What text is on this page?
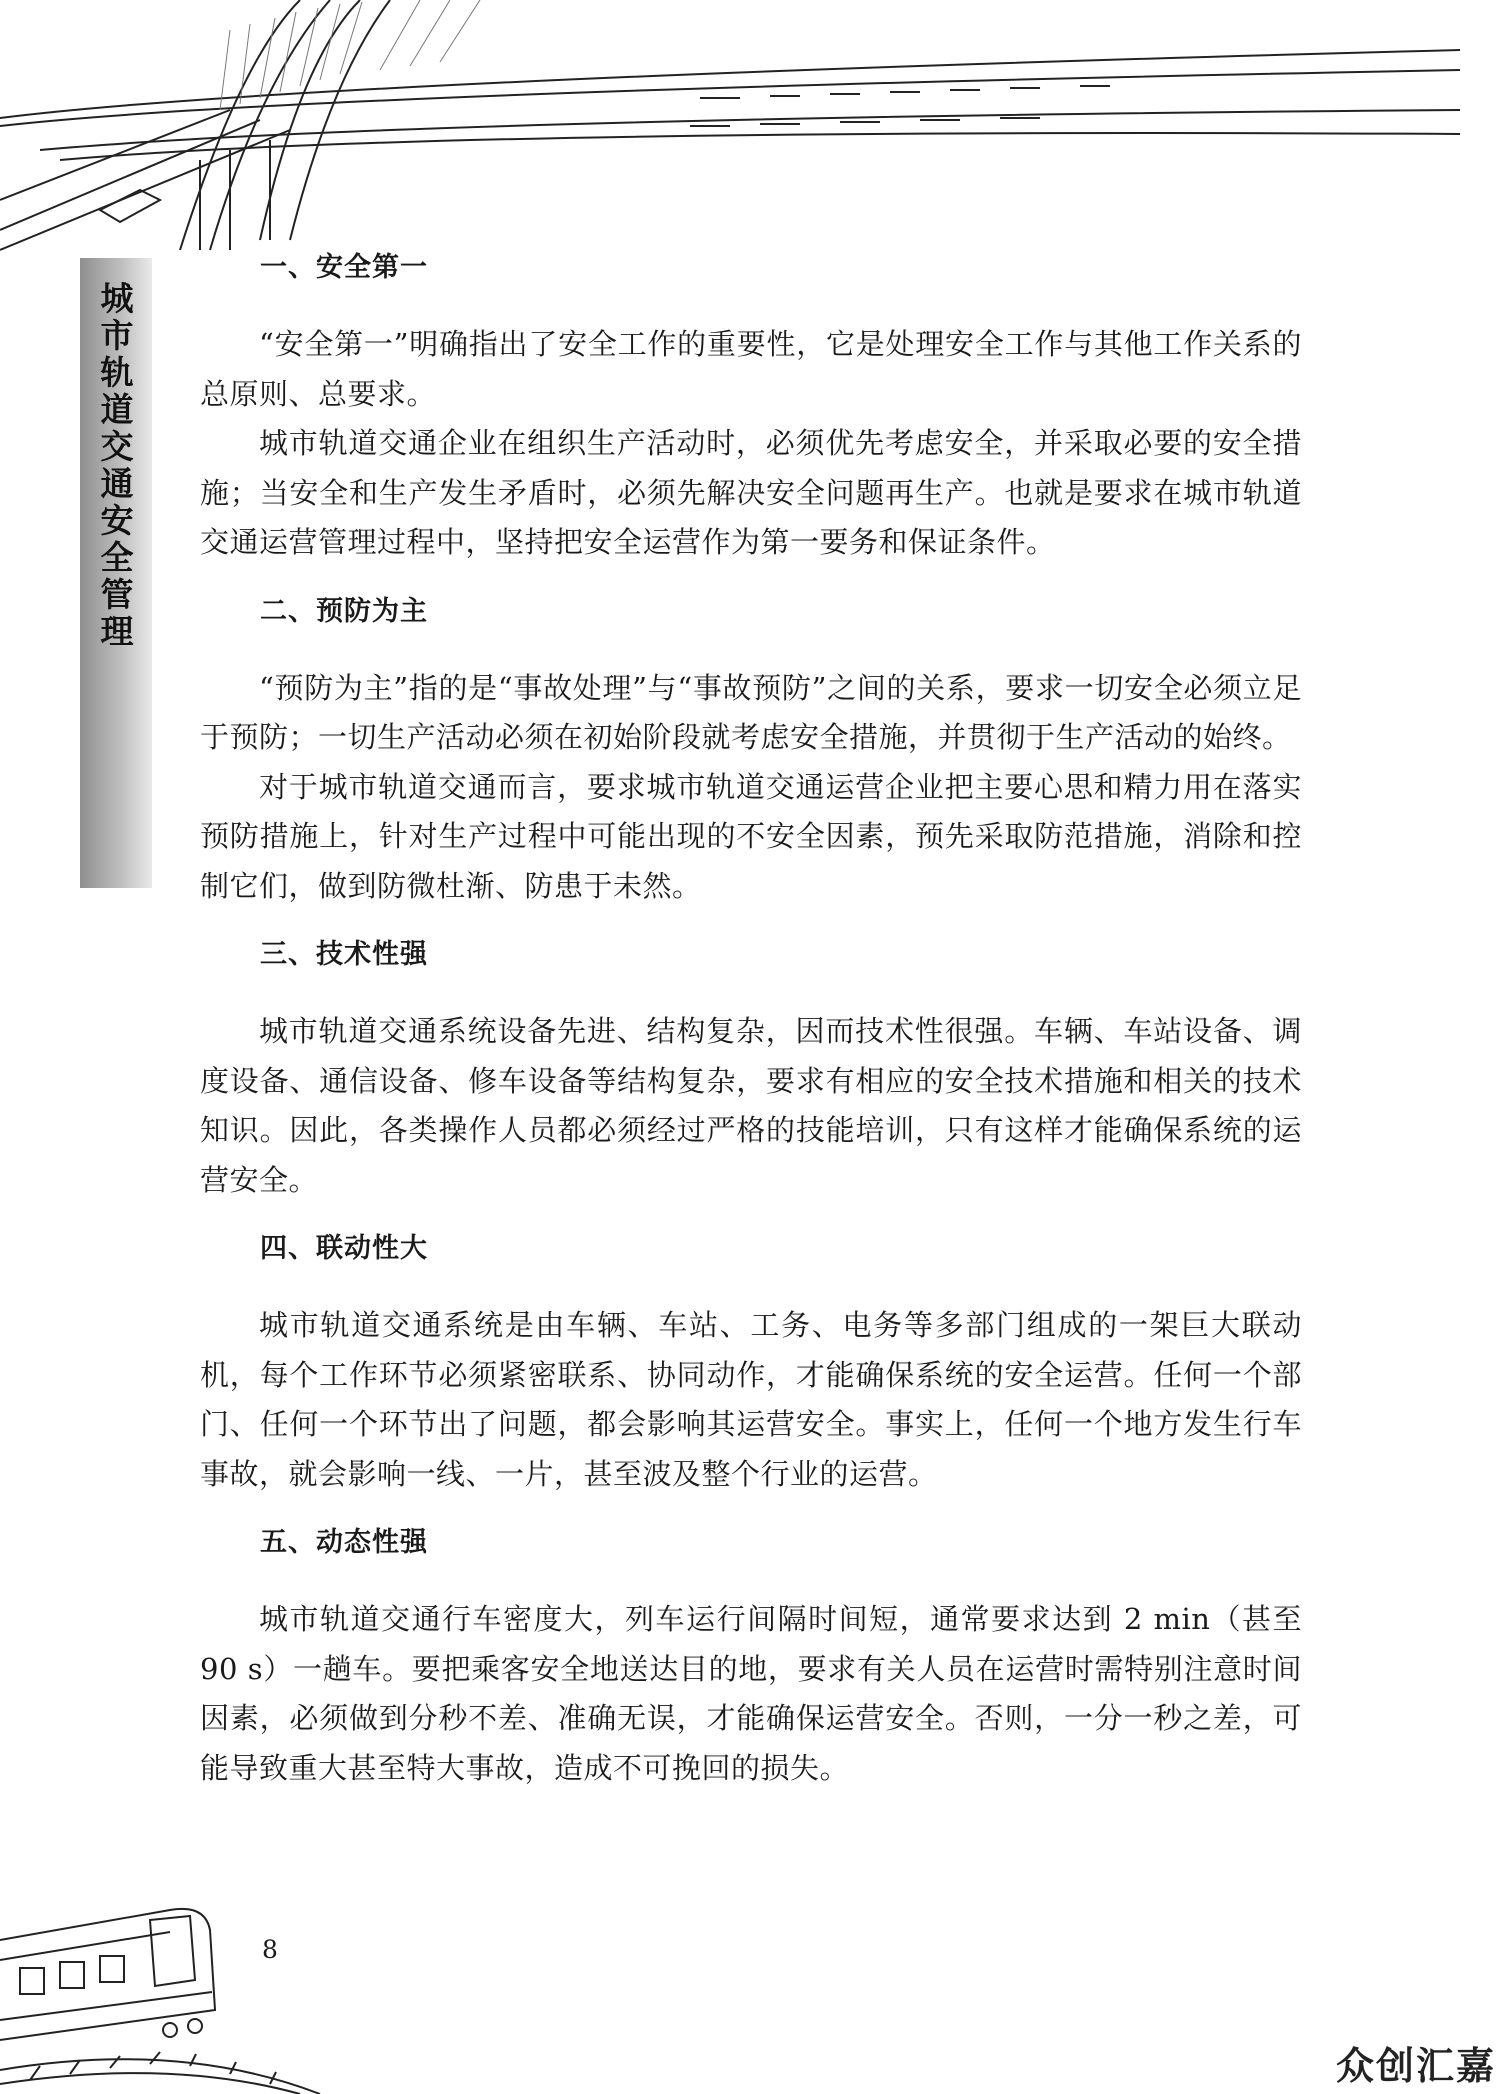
城市轨道交通安全管理
一、安全第一

“安全第一”明确指出了安全工作的重要性，它是处理安全工作与其他工作关系的总原则、总要求。

城市轨道交通企业在组织生产活动时，必须优先考虑安全，并采取必要的安全措施；当安全和生产发生矛盾时，必须先解决安全问题再生产。也就是要求在城市轨道交通运营管理过程中，坚持把安全运营作为第一要务和保证条件。

二、预防为主

“预防为主”指的是“事故处理”与“事故预防”之间的关系，要求一切安全必须立足于预防；一切生产活动必须在初始阶段就考虑安全措施，并贯彻于生产活动的始终。

对于城市轨道交通而言，要求城市轨道交通运营企业把主要心思和精力用在落实预防措施上，针对生产过程中可能出现的不安全因素，预先采取防范措施，消除和控制它们，做到防微杜渐、防患于未然。

三、技术性强

城市轨道交通系统设备先进、结构复杂，因而技术性很强。车辆、车站设备、调度设备、通信设备、修车设备等结构复杂，要求有相应的安全技术措施和相关的技术知识。因此，各类操作人员都必须经过严格的技能培训，只有这样才能确保系统的运营安全。

四、联动性大

城市轨道交通系统是由车辆、车站、工务、电务等多部门组成的一架巨大联动机，每个工作环节必须紧密联系、协同动作，才能确保系统的安全运营。任何一个部门、任何一个环节出了问题，都会影响其运营安全。事实上，任何一个地方发生行车事故，就会影响一线、一片，甚至波及整个行业的运营。

五、动态性强

城市轨道交通行车密度大，列车运行间隔时间短，通常要求达到 2 min（甚至 90 s）一趟车。要把乘客安全地送达目的地，要求有关人员在运营时需特别注意时间因素，必须做到分秒不差、准确无误，才能确保运营安全。否则，一分一秒之差，可能导致重大甚至特大事故，造成不可挽回的损失。

8
众创汇嘉
